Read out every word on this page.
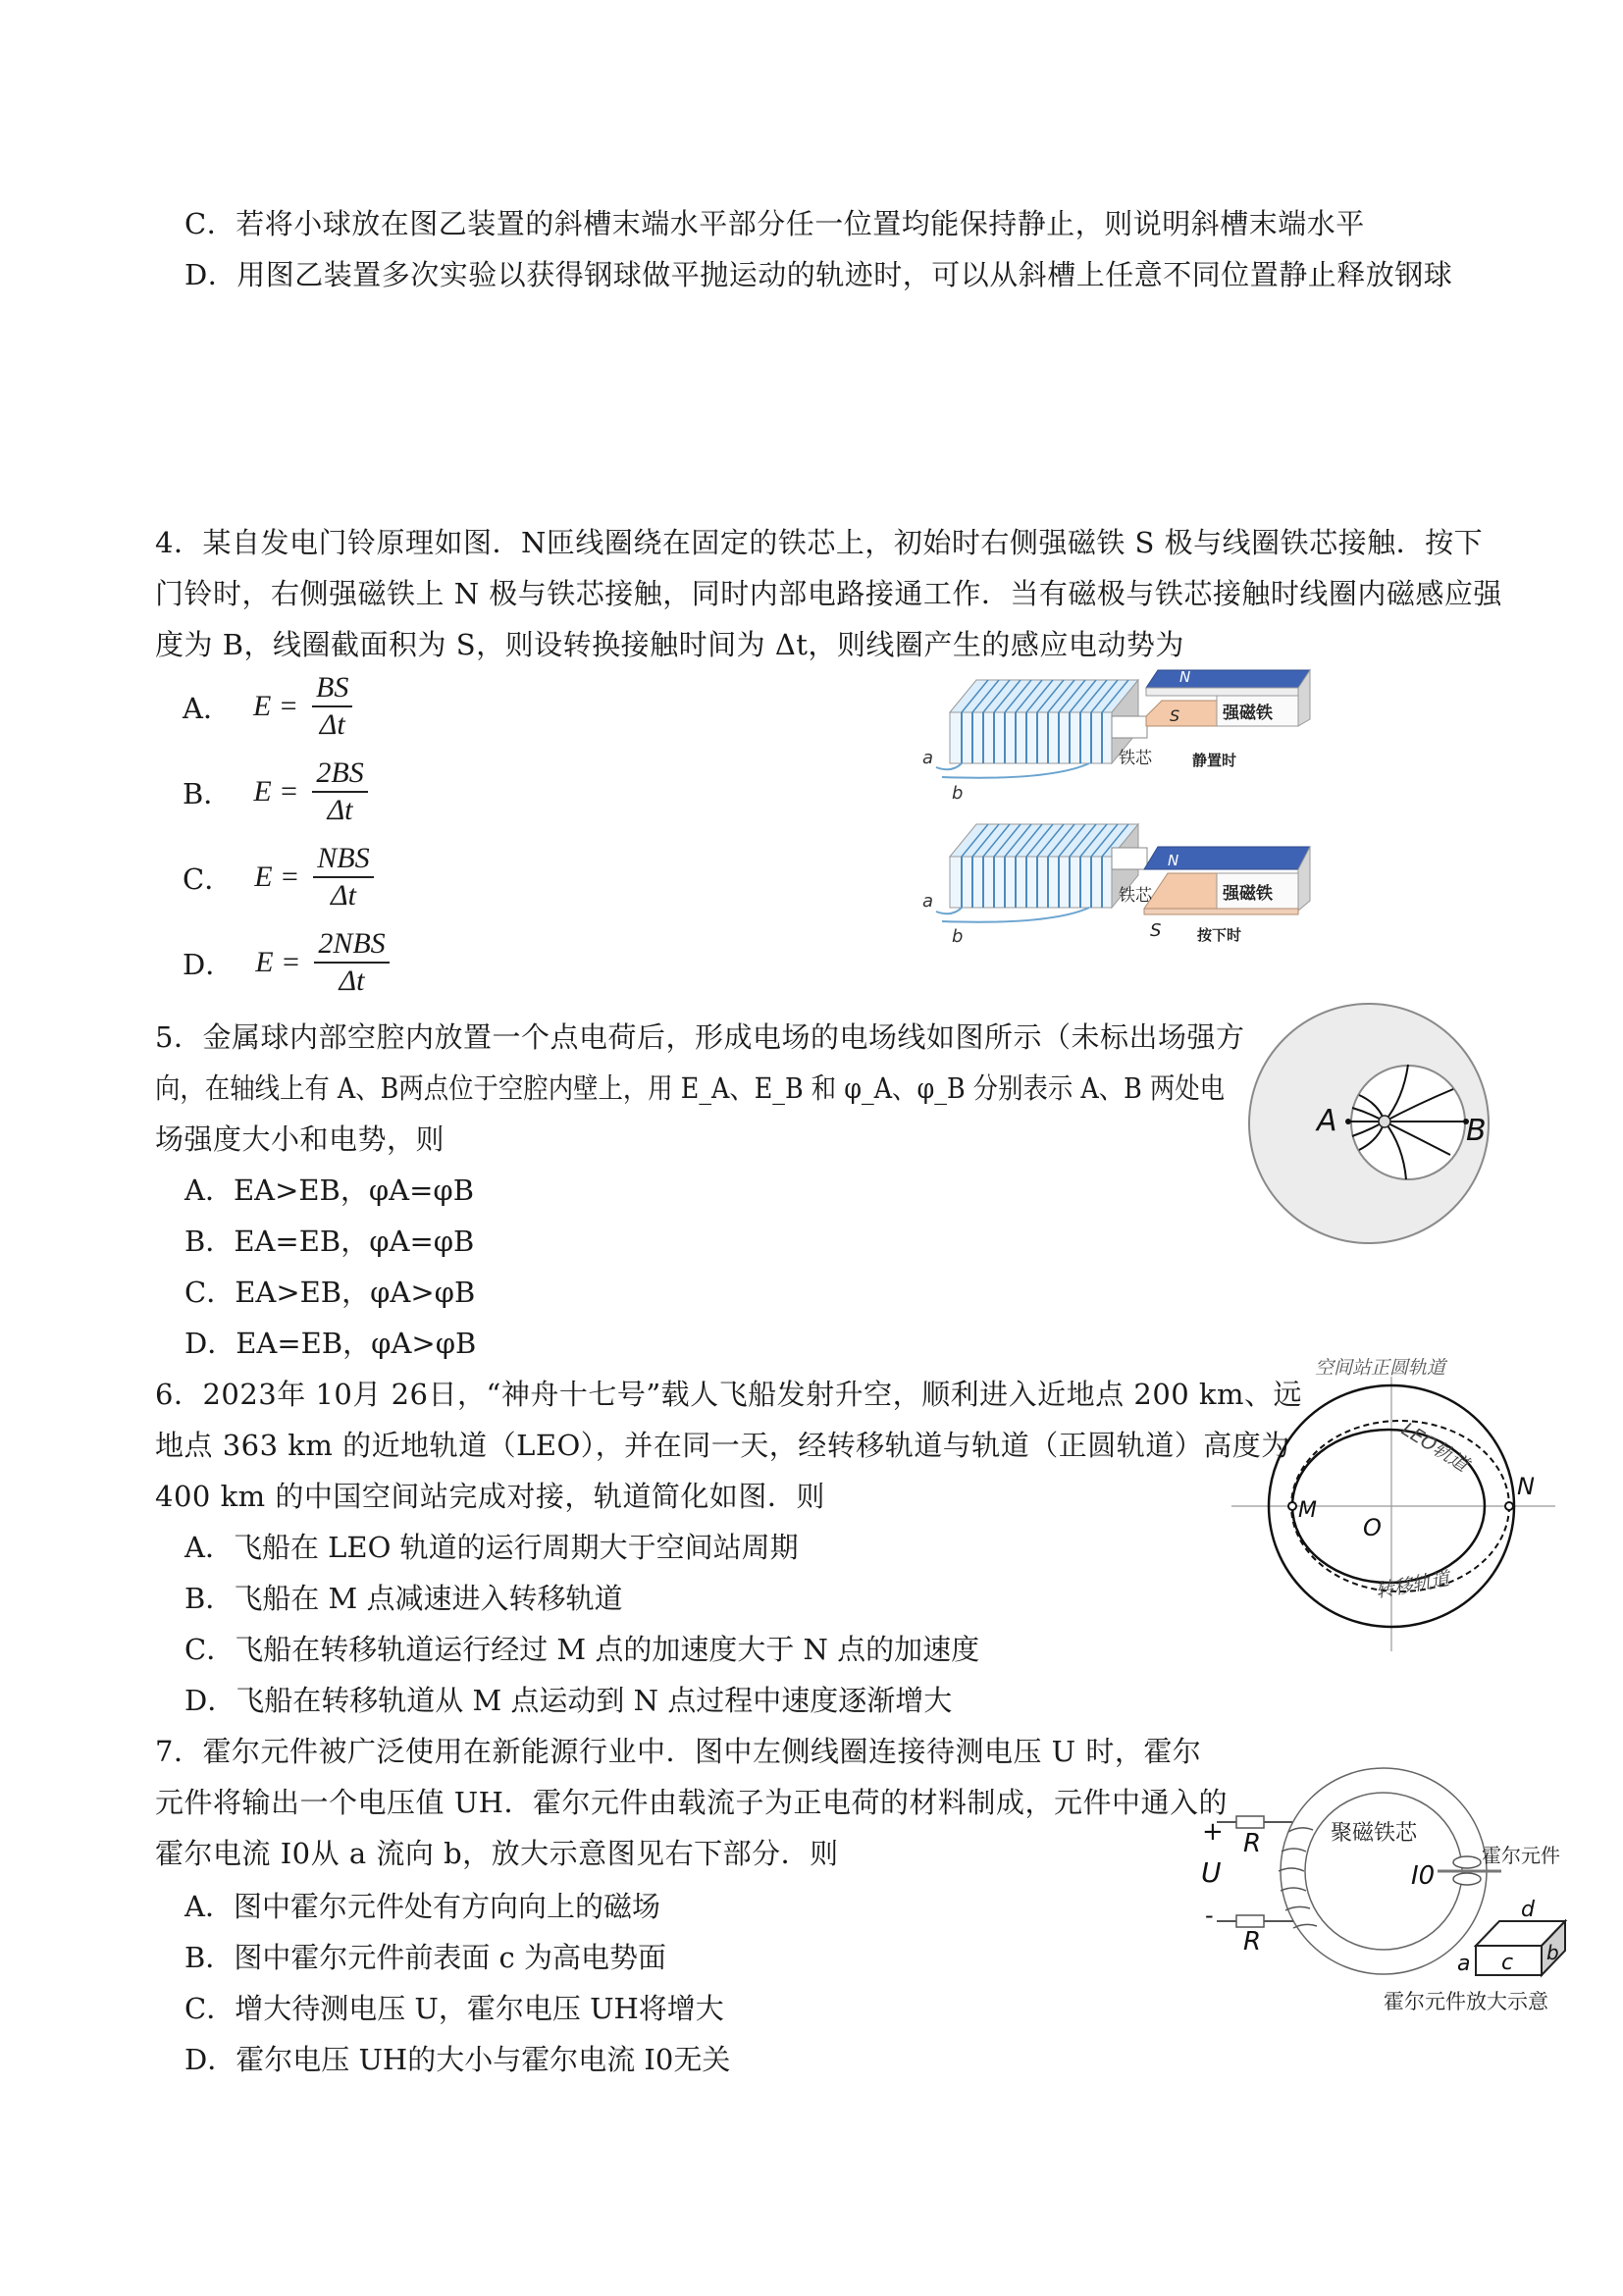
C．若将小球放在图乙装置的斜槽末端水平部分任一位置均能保持静止，则说明斜槽末端水平
D．用图乙装置多次实验以获得钢球做平抛运动的轨迹时，可以从斜槽上任意不同位置静止释放钢球
4．某自发电门铃原理如图．N匝线圈绕在固定的铁芯上，初始时右侧强磁铁 S 极与线圈铁芯接触．按下
门铃时，右侧强磁铁上 N 极与铁芯接触，同时内部电路接通工作．当有磁极与铁芯接触时线圈内磁感应强
度为 B，线圈截面积为 S，则设转换接触时间为 Δt，则线圈产生的感应电动势为
A． $E = \frac{BS}{\Delta t}$
B． $E = \frac{2BS}{\Delta t}$
C． $E = \frac{\text{NBS}}{\Delta t}$
D． $E = \frac{\text{2NBS}}{\Delta t}$
N
S	强磁铁
铁芯	静置时
a
b
N
强磁铁
铁芯
S 按下时
a
b
A	B
5．金属球内部空腔内放置一个点电荷后，形成电场的电场线如图所示（未标出场强方
向，在轴线上有 A、B两点位于空腔内壁上，用 E_A、E_B 和 φ_A、φ_B 分别表示 A、B 两处电
场强度大小和电势，则
A．EA>EB，φA=φB
B．EA=EB，φA=φB
C．EA>EB，φA>φB
D．EA=EB，φA>φB
6．2023年 10月 26日，“神舟十七号”载人飞船发射升空，顺利进入近地点 200 km、远
地点 363 km 的近地轨道（LEO），并在同一天，经转移轨道与轨道（正圆轨道）高度为
400 km 的中国空间站完成对接，轨道简化如图．则
A．飞船在 LEO 轨道的运行周期大于空间站周期
B．飞船在 M 点减速进入转移轨道
C．飞船在转移轨道运行经过 M 点的加速度大于 N 点的加速度
D．飞船在转移轨道从 M 点运动到 N 点过程中速度逐渐增大
空间站正圆轨道
M
N
O
LEO轨道
转移轨道
7．霍尔元件被广泛使用在新能源行业中．图中左侧线圈连接待测电压 U 时，霍尔
元件将输出一个电压值 UH．霍尔元件由载流子为正电荷的材料制成，元件中通入的
霍尔电流 I0从 a 流向 b，放大示意图见右下部分．则
A．图中霍尔元件处有方向向上的磁场
B．图中霍尔元件前表面 c 为高电势面
C．增大待测电压 U，霍尔电压 UH将增大
D．霍尔电压 UH的大小与霍尔电流 I0无关
+ R
U
-
R
聚磁铁芯
霍尔元件
I0
d
a c b
霍尔元件放大示意
